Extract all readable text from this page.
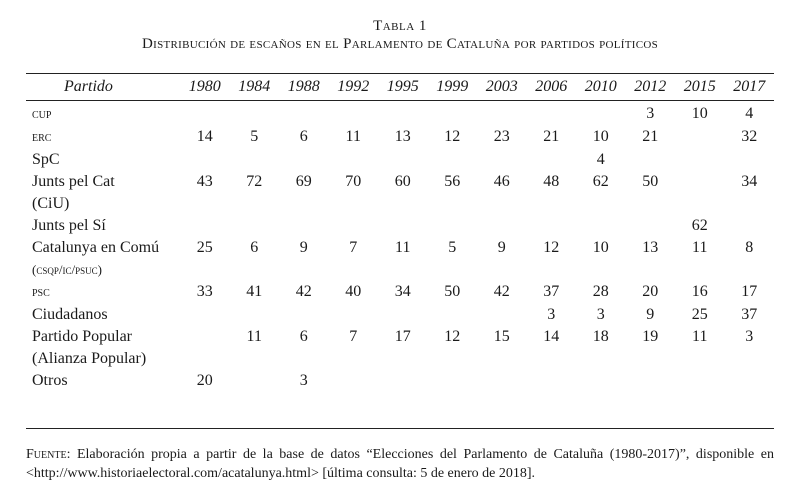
Tabla 1
Distribución de escaños en el Parlamento de Cataluña por partidos políticos
Partido	1980	1984	1988	1992	1995	1999	2003	2006	2010	2012	2015	2017
cup										3	10	4
erc	14	5	6	11	13	12	23	21	10	21		32
SpC									4			
Junts pel Cat
(CiU)	43	72	69	70	60	56	46	48	62	50		34
Junts pel Sí											62	
Catalunya en Comú (csqp/ic/psuc)	25	6	9	7	11	5	9	12	10	13	11	8
psc	33	41	42	40	34	50	42	37	28	20	16	17
Ciudadanos								3	3	9	25	37
Partido Popular
(Alianza Popular)		11	6	7	17	12	15	14	18	19	11	3
Otros	20		3									
Fuente: Elaboración propia a partir de la base de datos “Elecciones del Parlamento de Cataluña (1980-2017)”, disponible en <http://www.historiaelectoral.com/acatalunya.html> [última consulta: 5 de enero de 2018].
